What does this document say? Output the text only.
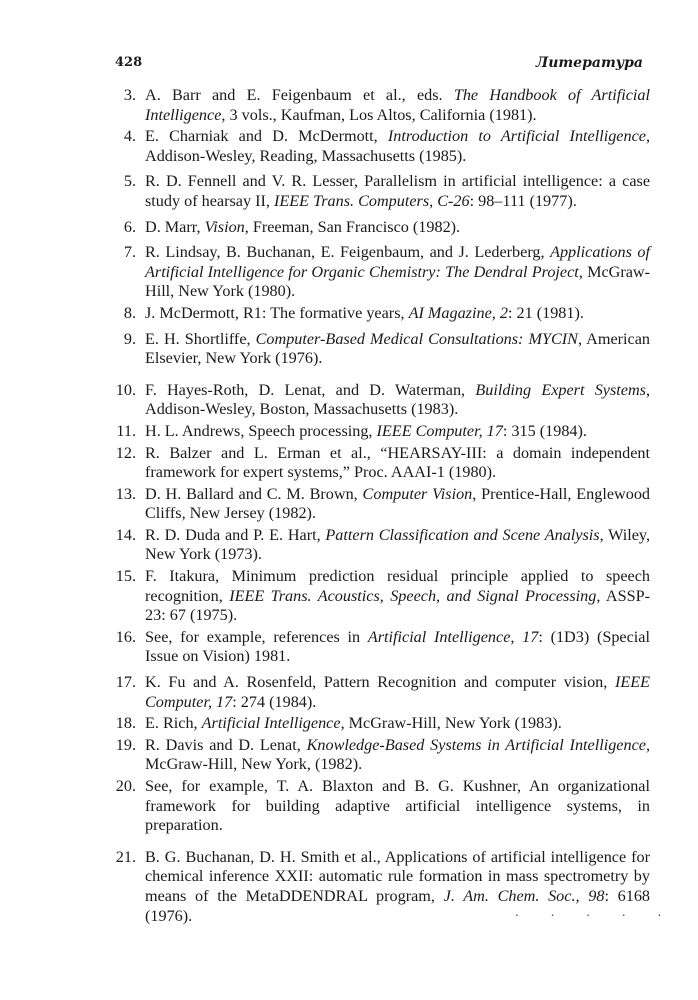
428	Литература
3. A. Barr and E. Feigenbaum et al., eds. The Handbook of Artificial Intelligence, 3 vols., Kaufman, Los Altos, California (1981).
4. E. Charniak and D. McDermott, Introduction to Artificial Intelligence, Addison-Wesley, Reading, Massachusetts (1985).
5. R. D. Fennell and V. R. Lesser, Parallelism in artificial intelligence: a case study of hearsay II, IEEE Trans. Computers, C-26: 98–111 (1977).
6. D. Marr, Vision, Freeman, San Francisco (1982).
7. R. Lindsay, B. Buchanan, E. Feigenbaum, and J. Lederberg, Applications of Artificial Intelligence for Organic Chemistry: The Dendral Project, McGraw-Hill, New York (1980).
8. J. McDermott, R1: The formative years, AI Magazine, 2: 21 (1981).
9. E. H. Shortliffe, Computer-Based Medical Consultations: MYCIN, American Elsevier, New York (1976).
10. F. Hayes-Roth, D. Lenat, and D. Waterman, Building Expert Systems, Addison-Wesley, Boston, Massachusetts (1983).
11. H. L. Andrews, Speech processing, IEEE Computer, 17: 315 (1984).
12. R. Balzer and L. Erman et al., “HEARSAY-III: a domain independent framework for expert systems,” Proc. AAAI-1 (1980).
13. D. H. Ballard and C. M. Brown, Computer Vision, Prentice-Hall, Englewood Cliffs, New Jersey (1982).
14. R. D. Duda and P. E. Hart, Pattern Classification and Scene Analysis, Wiley, New York (1973).
15. F. Itakura, Minimum prediction residual principle applied to speech recognition, IEEE Trans. Acoustics, Speech, and Signal Processing, ASSP-23: 67 (1975).
16. See, for example, references in Artificial Intelligence, 17: (1D3) (Special Issue on Vision) 1981.
17. K. Fu and A. Rosenfeld, Pattern Recognition and computer vision, IEEE Computer, 17: 274 (1984).
18. E. Rich, Artificial Intelligence, McGraw-Hill, New York (1983).
19. R. Davis and D. Lenat, Knowledge-Based Systems in Artificial Intelligence, McGraw-Hill, New York, (1982).
20. See, for example, T. A. Blaxton and B. G. Kushner, An organizational framework for building adaptive artificial intelligence systems, in preparation.
21. B. G. Buchanan, D. H. Smith et al., Applications of artificial intelligence for chemical inference XXII: automatic rule formation in mass spectrometry by means of the MetaDDENDRAL program, J. Am. Chem. Soc., 98: 6168 (1976).	. . . . .
